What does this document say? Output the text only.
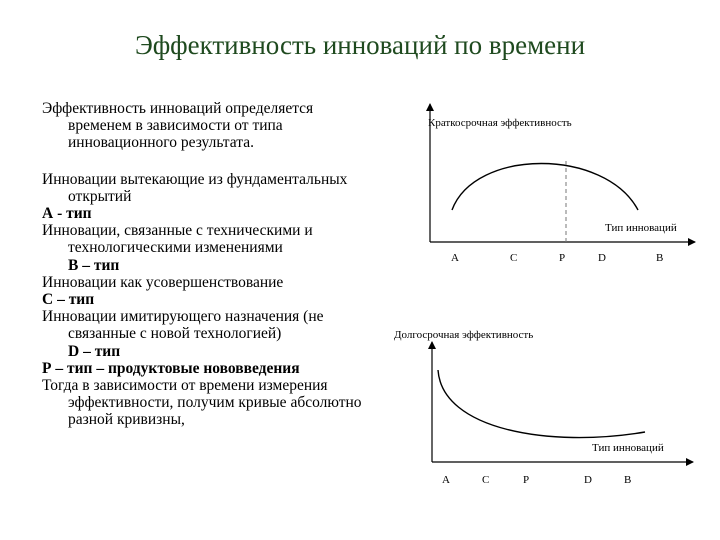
Эффективность инноваций по времени

Эффективность инноваций определяется временем в зависимости от типа инновационного результата.

Инновации вытекающие из фундаментальных открытий

А - тип

Инновации, связанные с техническими и технологическими изменениями

В – тип

Инновации как усовершенствование

С – тип

Инновации имитирующего назначения (не связанные с новой технологией)

D – тип

Р – тип – продуктовые нововведения

Тогда в зависимости от времени измерения эффективности, получим кривые абсолютно разной кривизны,

Краткосрочная эффективность
Тип инноваций
А	С	Р	D	В
Долгосрочная эффективность
Тип инноваций
А	С	Р	D	В
